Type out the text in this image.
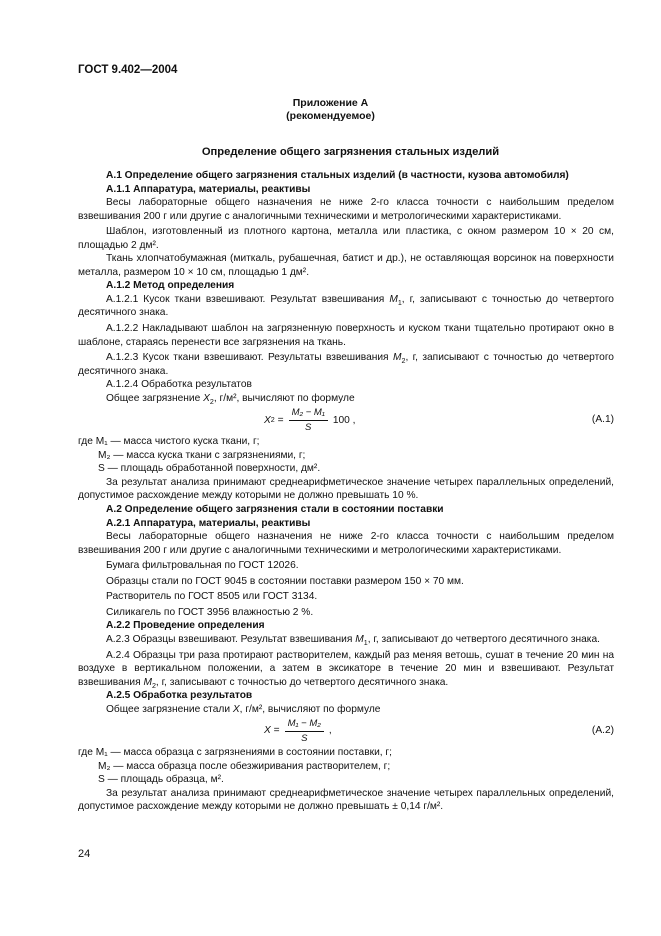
ГОСТ 9.402—2004
Приложение А
(рекомендуемое)
Определение общего загрязнения стальных изделий

А.1 Определение общего загрязнения стальных изделий (в частности, кузова автомобиля)

А.1.1 Аппаратура, материалы, реактивы

Весы лабораторные общего назначения не ниже 2-го класса точности с наибольшим пределом взвешивания 200 г или другие с аналогичными техническими и метрологическими характеристиками.

Шаблон, изготовленный из плотного картона, металла или пластика, с окном размером 10 × 20 см, площадью 2 дм².

Ткань хлопчатобумажная (миткаль, рубашечная, батист и др.), не оставляющая ворсинок на поверхности металла, размером 10 × 10 см, площадью 1 дм².

А.1.2 Метод определения

А.1.2.1 Кусок ткани взвешивают. Результат взвешивания $M_1$, г, записывают с точностью до четвертого десятичного знака.

А.1.2.2 Накладывают шаблон на загрязненную поверхность и куском ткани тщательно протирают окно в шаблоне, стараясь перенести все загрязнения на ткань.

А.1.2.3 Кусок ткани взвешивают. Результаты взвешивания $M_2$, г, записывают с точностью до четвертого десятичного знака.

А.1.2.4 Обработка результатов

Общее загрязнение $X_2$, г/м², вычисляют по формуле

X 2
= $\frac{\text{M₂ − M₁}}{S} 100$ ,	(А.1)

где M₁ — масса чистого куска ткани, г;

M₂ — масса куска ткани с загрязнениями, г;

S — площадь обработанной поверхности, дм².

За результат анализа принимают среднеарифметическое значение четырех параллельных определений, допустимое расхождение между которыми не должно превышать 10 %.

А.2 Определение общего загрязнения стали в состоянии поставки

А.2.1 Аппаратура, материалы, реактивы

Весы лабораторные общего назначения не ниже 2-го класса точности с наибольшим пределом взвешивания 200 г или другие с аналогичными техническими и метрологическими характеристиками.

Бумага фильтровальная по ГОСТ 12026.

Образцы стали по ГОСТ 9045 в состоянии поставки размером 150 × 70 мм.

Растворитель по ГОСТ 8505 или ГОСТ 3134.

Силикагель по ГОСТ 3956 влажностью 2 %.

А.2.2 Проведение определения

А.2.3 Образцы взвешивают. Результат взвешивания $M_1$, г, записывают до четвертого десятичного знака.

А.2.4 Образцы три раза протирают растворителем, каждый раз меняя ветошь, сушат в течение 20 мин на воздухе в вертикальном положении, а затем в эксикаторе в течение 20 мин и взвешивают. Результат взвешивания $M_2$, г, записывают с точностью до четвертого десятичного знака.

А.2.5 Обработка результатов

Общее загрязнение стали X, г/м², вычисляют по формуле

X
= $\frac{\text{M₁ − M₂}}{S}$ ,	(А.2)

где M₁ — масса образца с загрязнениями в состоянии поставки, г;

M₂ — масса образца после обезжиривания растворителем, г;

S — площадь образца, м².

За результат анализа принимают среднеарифметическое значение четырех параллельных определений, допустимое расхождение между которыми не должно превышать ± 0,14 г/м².

24
